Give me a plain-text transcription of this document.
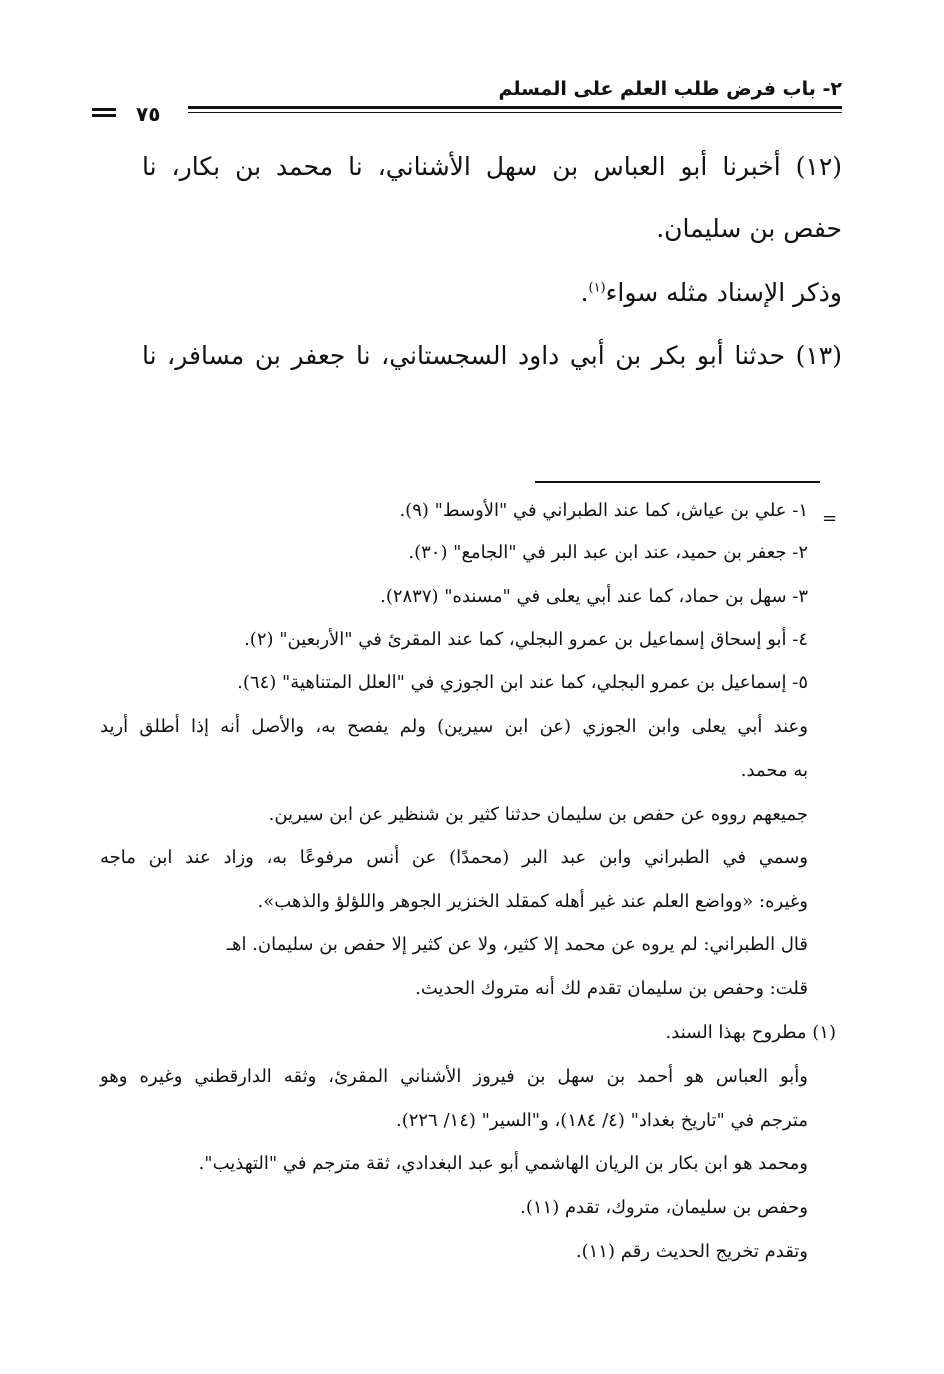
٢- باب فرض طلب العلم على المسلم
٧٥
(١٢) أخبرنا أبو العباس بن سهل الأشناني، نا محمد بن بكار، نا
حفص بن سليمان.
وذكر الإسناد مثله سواء$^{(١)}$.
(١٣) حدثنا أبو بكر بن أبي داود السجستاني، نا جعفر بن مسافر، نا
=
١- علي بن عياش، كما عند الطبراني في "الأوسط" (٩).
٢- جعفر بن حميد، عند ابن عبد البر في "الجامع" (٣٠).
٣- سهل بن حماد، كما عند أبي يعلى في "مسنده" (٢٨٣٧).
٤- أبو إسحاق إسماعيل بن عمرو البجلي، كما عند المقرئ في "الأربعين" (٢).
٥- إسماعيل بن عمرو البجلي، كما عند ابن الجوزي في "العلل المتناهية" (٦٤).
وعند أبي يعلى وابن الجوزي (عن ابن سيرين) ولم يفصح به، والأصل أنه إذا أطلق أريد
به محمد.
جميعهم رووه عن حفص بن سليمان حدثنا كثير بن شنظير عن ابن سيرين.
وسمي في الطبراني وابن عبد البر (محمدًا) عن أنس مرفوعًا به، وزاد عند ابن ماجه
وغيره: «وواضع العلم عند غير أهله كمقلد الخنزير الجوهر واللؤلؤ والذهب».
قال الطبراني: لم يروه عن محمد إلا كثير، ولا عن كثير إلا حفص بن سليمان. اهـ
قلت: وحفص بن سليمان تقدم لك أنه متروك الحديث.
(١) مطروح بهذا السند.
وأبو العباس هو أحمد بن سهل بن فيروز الأشناني المقرئ، وثقه الدارقطني وغيره وهو
مترجم في "تاريخ بغداد" (٤/ ١٨٤)، و"السير" (١٤/ ٢٢٦).
ومحمد هو ابن بكار بن الريان الهاشمي أبو عبد البغدادي، ثقة مترجم في "التهذيب".
وحفص بن سليمان، متروك، تقدم (١١).
وتقدم تخريج الحديث رقم (١١).
